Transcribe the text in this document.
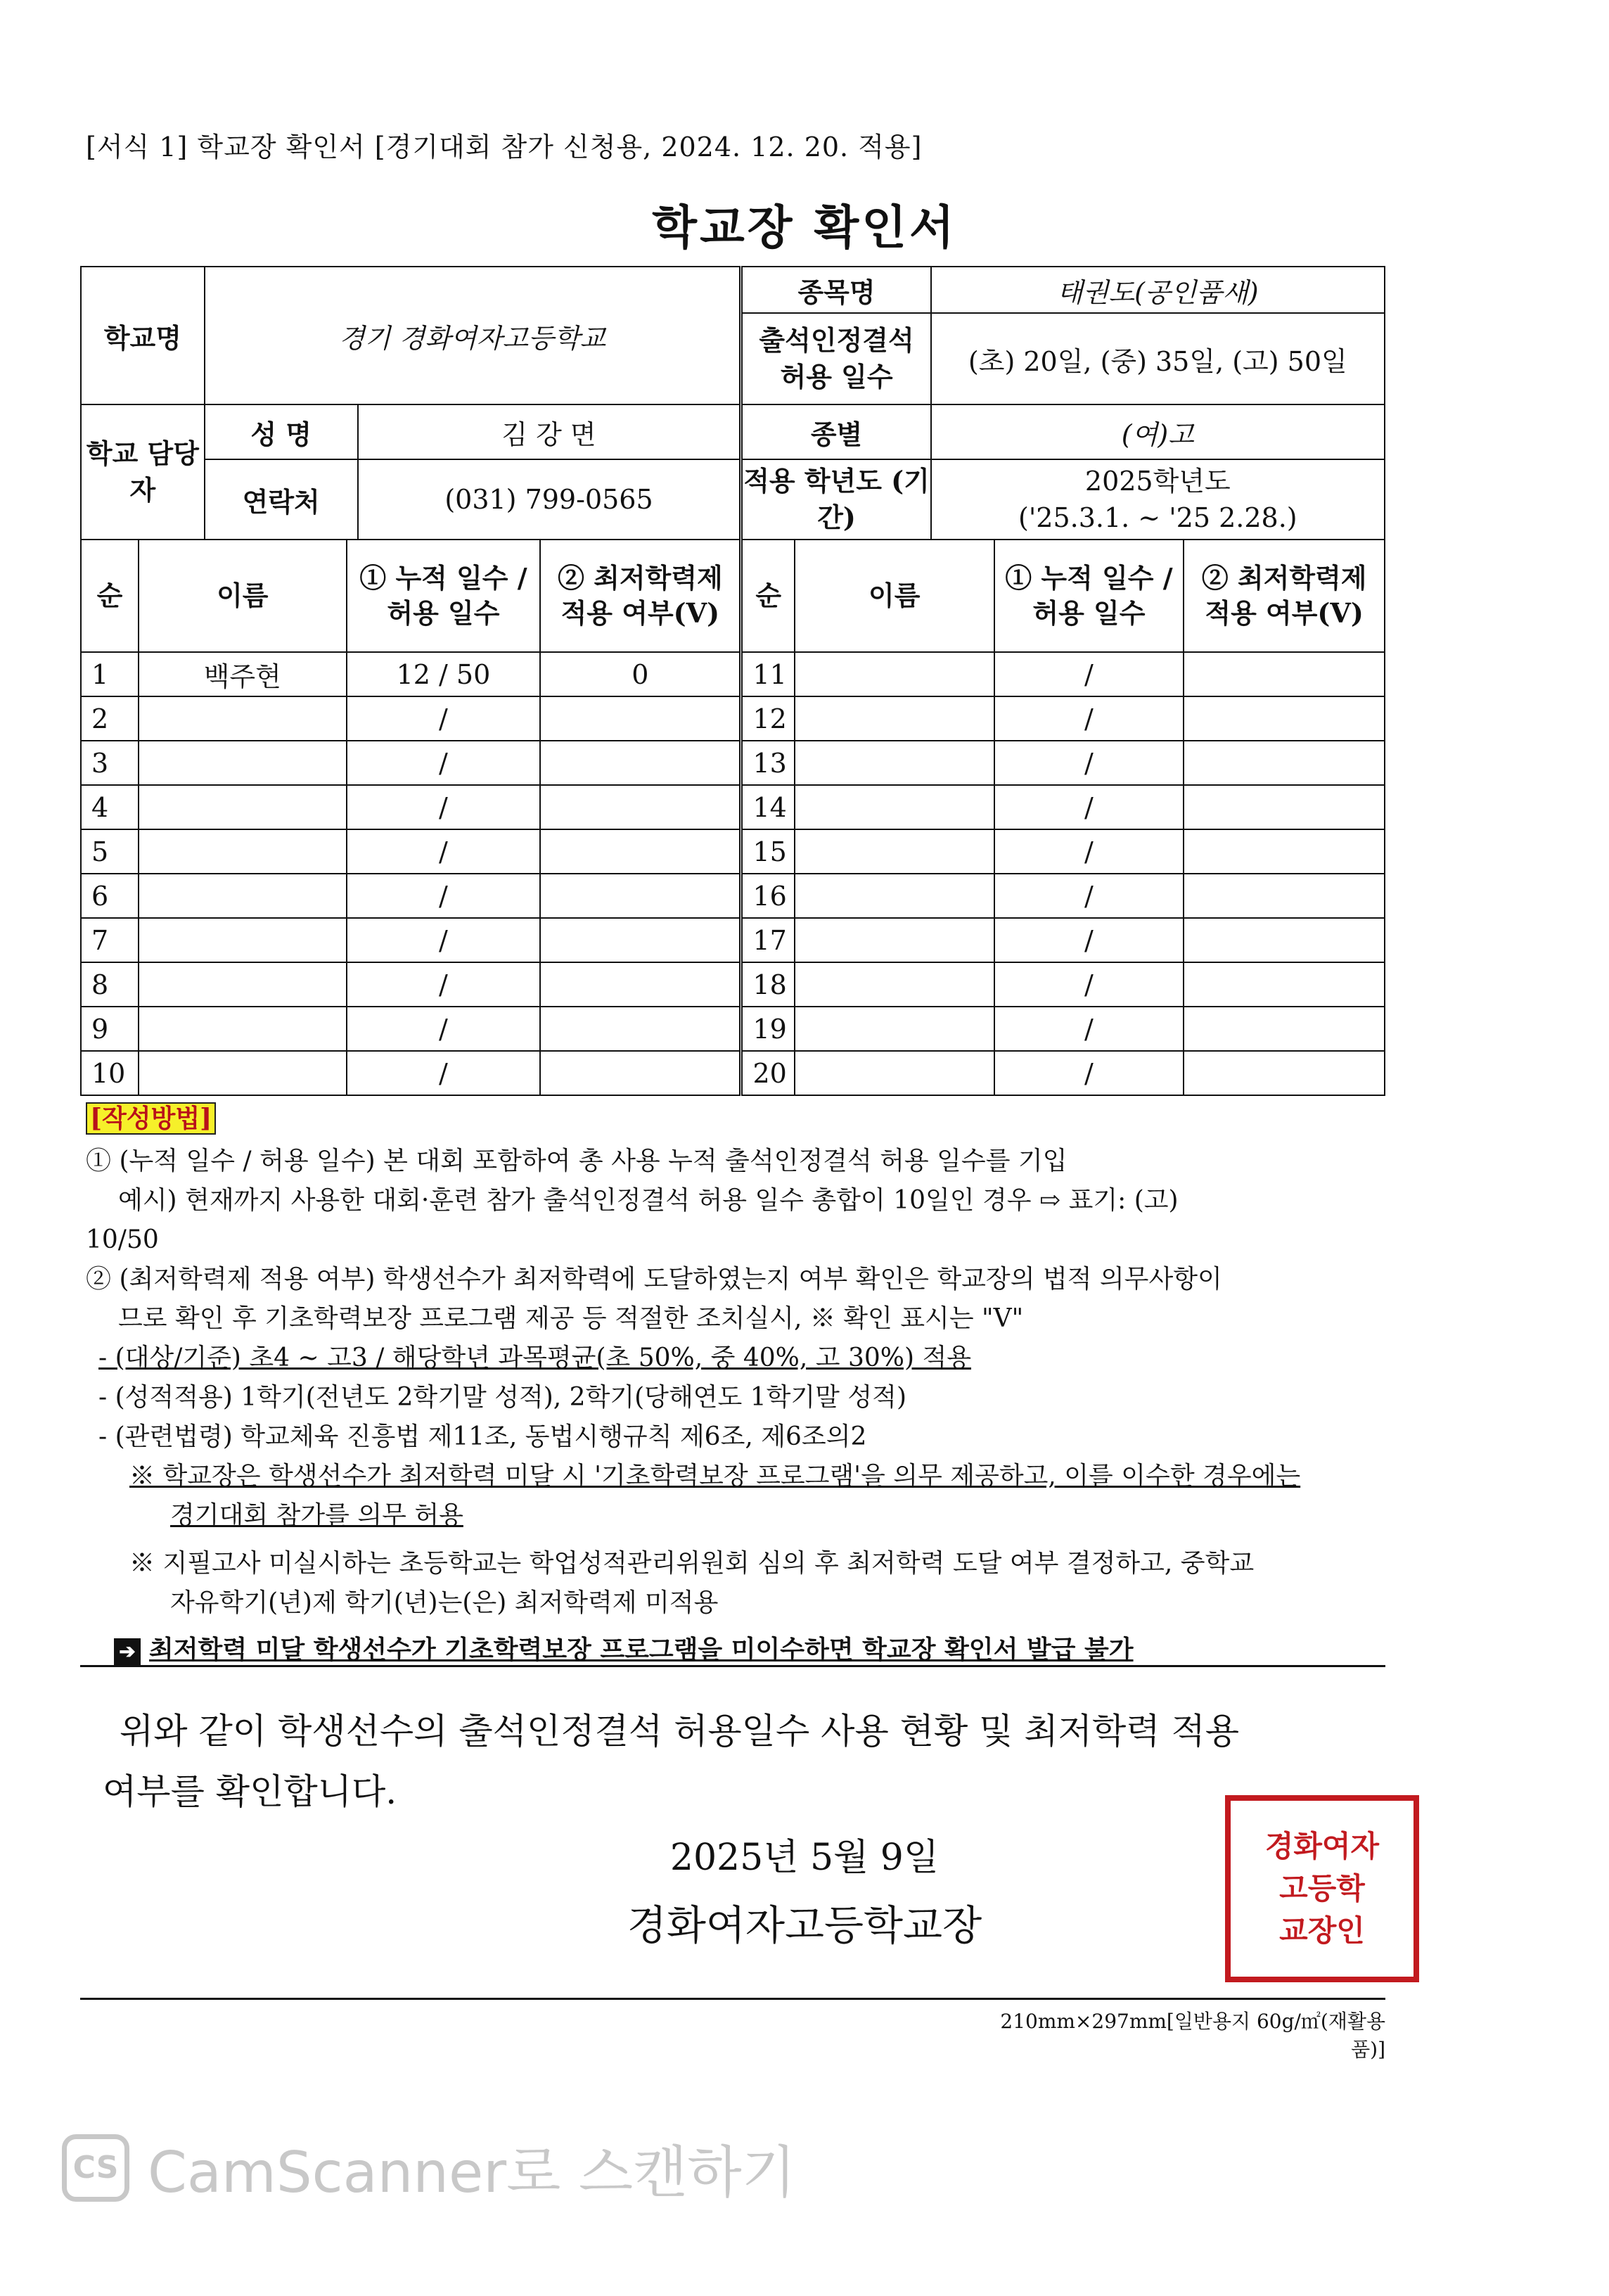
[서식 1] 학교장 확인서 [경기대회 참가 신청용, 2024. 12. 20. 적용]
학교장 확인서
학교명	경기 경화여자고등학교		종목명	태권도(공인품새)
			출석인정결석 허용 일수	(초) 20일, (중) 35일, (고) 50일
학교 담당자	성 명	김 강 면	종별	(여)고
	연락처	(031) 799-0565	적용 학년도 (기간)	2025학년도
('25.3.1. ~ '25 2.28.)
순	이름	① 누적 일수 / 허용 일수	② 최저학력제 적용 여부(V)	순	이름	① 누적 일수 / 허용 일수	② 최저학력제 적용 여부(V)
1	백주현	12 / 50	0	11		/	
2		/		12		/	
3		/		13		/	
4		/		14		/	
5		/		15		/	
6		/		16		/	
7		/		17		/	
8		/		18		/	
9		/		19		/	
10		/		20		/	
[작성방법]
① (누적 일수 / 허용 일수) 본 대회 포함하여 총 사용 누적 출석인정결석 허용 일수를 기입
예시) 현재까지 사용한 대회·훈련 참가 출석인정결석 허용 일수 총합이 10일인 경우 ⇨ 표기: (고)
10/50
② (최저학력제 적용 여부) 학생선수가 최저학력에 도달하였는지 여부 확인은 학교장의 법적 의무사항이
므로 확인 후 기초학력보장 프로그램 제공 등 적절한 조치실시, ※ 확인 표시는 "V"
- (대상/기준) 초4 ~ 고3 / 해당학년 과목평균(초 50%, 중 40%, 고 30%) 적용
- (성적적용) 1학기(전년도 2학기말 성적), 2학기(당해연도 1학기말 성적)
- (관련법령) 학교체육 진흥법 제11조, 동법시행규칙 제6조, 제6조의2
※ 학교장은 학생선수가 최저학력 미달 시 '기초학력보장 프로그램'을 의무 제공하고, 이를 이수한 경우에는
경기대회 참가를 의무 허용
※ 지필고사 미실시하는 초등학교는 학업성적관리위원회 심의 후 최저학력 도달 여부 결정하고, 중학교
자유학기(년)제 학기(년)는(은) 최저학력제 미적용
➔ 최저학력 미달 학생선수가 기초학력보장 프로그램을 미이수하면 학교장 확인서 발급 불가
위와 같이 학생선수의 출석인정결석 허용일수 사용 현황 및 최저학력 적용
여부를 확인합니다.
2025년 5월 9일
경화여자고등학교장
경화여자
고등학
교장인
210mm×297mm[일반용지 60g/㎡(재활용품)]
CS CamScanner로 스캔하기
